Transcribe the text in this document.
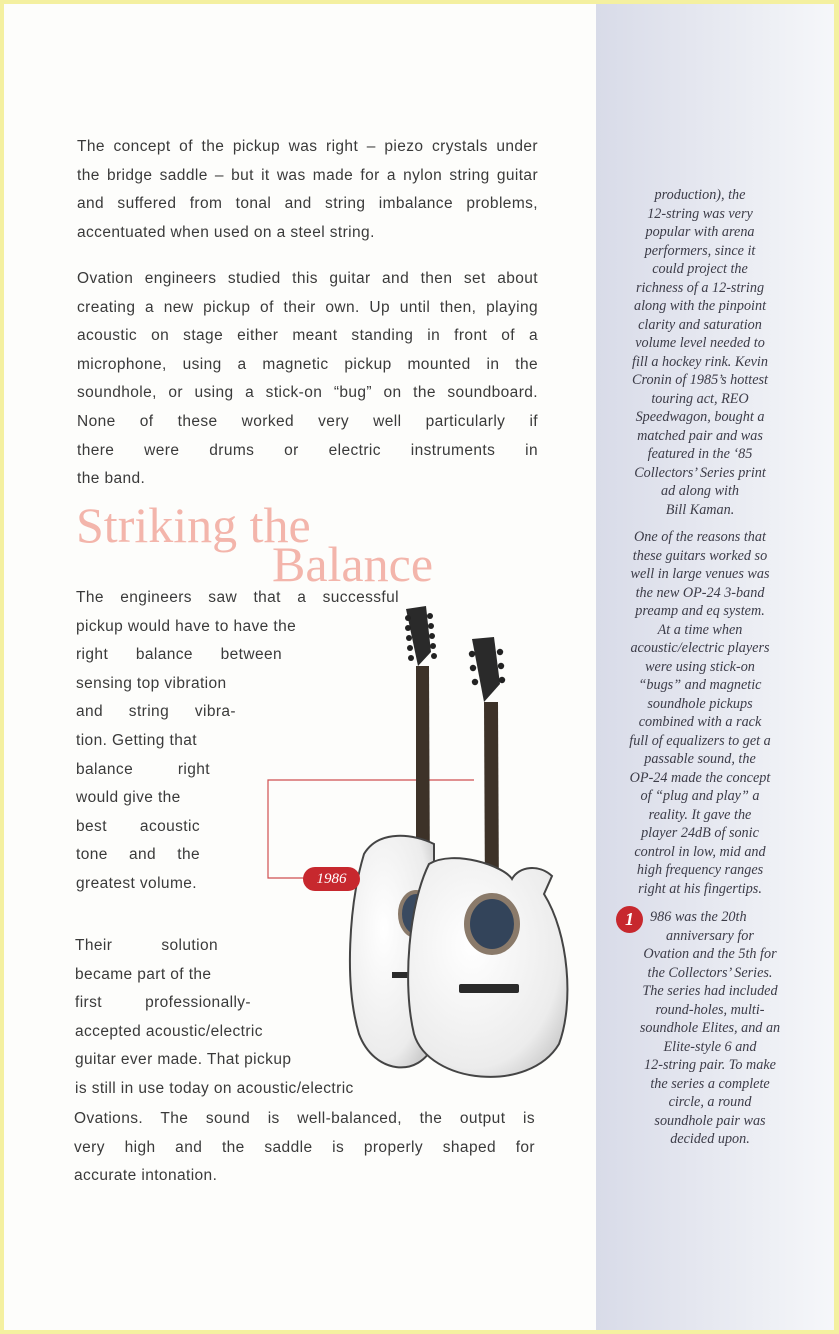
The concept of the pickup was right – piezo crystals under
the bridge saddle – but it was made for a nylon string guitar
and suffered from tonal and string imbalance problems,
accentuated when used on a steel string.
Ovation engineers studied this guitar and then set about
creating a new pickup of their own. Up until then, playing
acoustic on stage either meant standing in front of a
microphone, using a magnetic pickup mounted in the
soundhole, or using a stick-on “bug” on the soundboard.
None of these worked very well particularly if
there were drums or electric instruments in
the band.
Striking the
Balance
The engineers saw that a successful
pickup would have to have the
right balance between
sensing top vibration
and string vibra-
tion. Getting that
balance right
would give the
best acoustic
tone and the
greatest volume.
Their solution
became part of the
first professionally-
accepted acoustic/electric
guitar ever made. That pickup
is still in use today on acoustic/electric
Ovations. The sound is well-balanced, the output is
very high and the saddle is properly shaped for
accurate intonation.
1986

production), the
12-string was very
popular with arena
performers, since it
could project the
richness of a 12-string
along with the pinpoint
clarity and saturation
volume level needed to
fill a hockey rink. Kevin
Cronin of 1985’s hottest
touring act, REO
Speedwagon, bought a
matched pair and was
featured in the ‘85
Collectors’ Series print
ad along with
Bill Kaman.

One of the reasons that
these guitars worked so
well in large venues was
the new OP-24 3-band
preamp and eq system.
At a time when
acoustic/electric players
were using stick-on
“bugs” and magnetic
soundhole pickups
combined with a rack
full of equalizers to get a
passable sound, the
OP-24 made the concept
of “plug and play” a
reality. It gave the
player 24dB of sonic
control in low, mid and
high frequency ranges
right at his fingertips.

986 was the 20th
anniversary for
Ovation and the 5th for
the Collectors’ Series.
The series had included
round-holes, multi-
soundhole Elites, and an
Elite-style 6 and
12-string pair. To make
the series a complete
circle, a round
soundhole pair was
decided upon.

1
